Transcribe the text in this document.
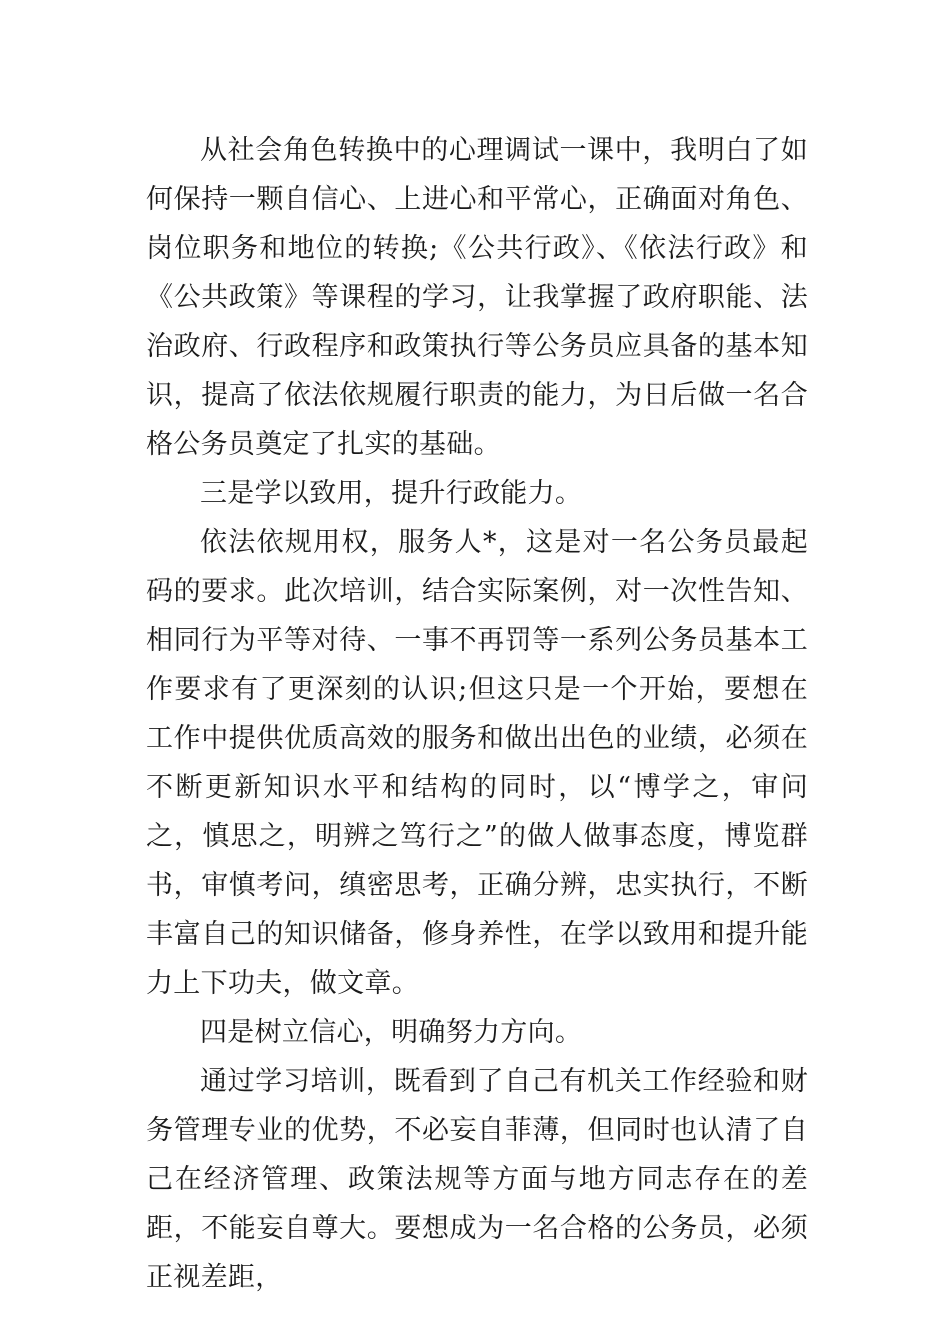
从社会角色转换中的心理调试一课中，我明白了如何保持一颗自信心、上进心和平常心，正确面对角色、岗位职务和地位的转换;《公共行政》、《依法行政》和《公共政策》等课程的学习，让我掌握了政府职能、法治政府、行政程序和政策执行等公务员应具备的基本知识，提高了依法依规履行职责的能力，为日后做一名合格公务员奠定了扎实的基础。

三是学以致用，提升行政能力。

依法依规用权，服务人*，这是对一名公务员最起码的要求。此次培训，结合实际案例，对一次性告知、相同行为平等对待、一事不再罚等一系列公务员基本工作要求有了更深刻的认识;但这只是一个开始，要想在工作中提供优质高效的服务和做出出色的业绩，必须在不断更新知识水平和结构的同时，以“博学之，审问之，慎思之，明辨之笃行之”的做人做事态度，博览群书，审慎考问，缜密思考，正确分辨，忠实执行，不断丰富自己的知识储备，修身养性，在学以致用和提升能力上下功夫，做文章。

四是树立信心，明确努力方向。

通过学习培训，既看到了自己有机关工作经验和财务管理专业的优势，不必妄自菲薄，但同时也认清了自己在经济管理、政策法规等方面与地方同志存在的差距，不能妄自尊大。要想成为一名合格的公务员，必须正视差距，
